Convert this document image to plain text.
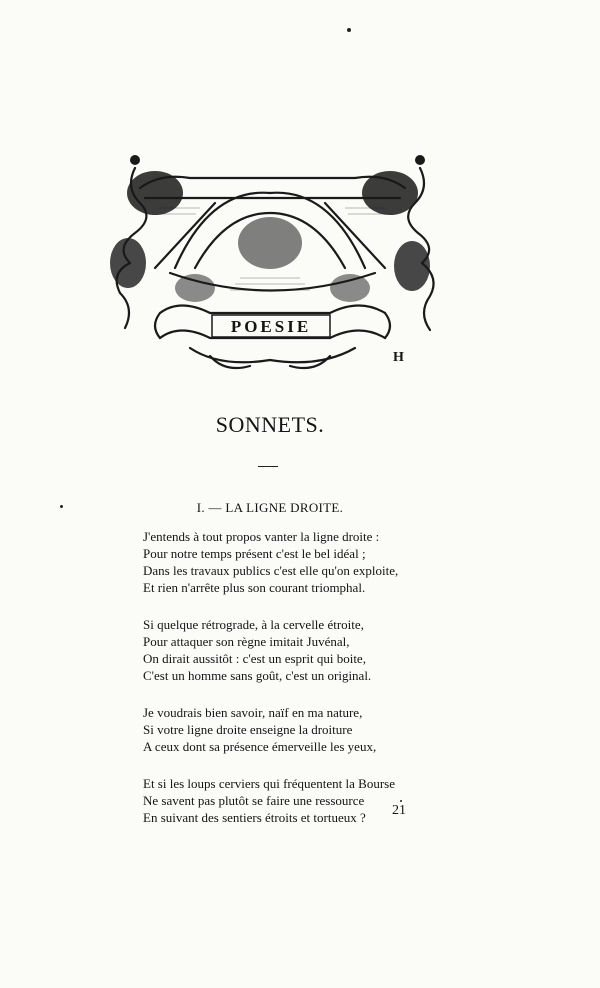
POESIE
H
SONNETS.
I. — LA LIGNE DROITE.
J'entends à tout propos vanter la ligne droite :
Pour notre temps présent c'est le bel idéal ;
Dans les travaux publics c'est elle qu'on exploite,
Et rien n'arrête plus son courant triomphal.
Si quelque rétrograde, à la cervelle étroite,
Pour attaquer son règne imitait Juvénal,
On dirait aussitôt : c'est un esprit qui boite,
C'est un homme sans goût, c'est un original.
Je voudrais bien savoir, naïf en ma nature,
Si votre ligne droite enseigne la droiture
A ceux dont sa présence émerveille les yeux,
Et si les loups cerviers qui fréquentent la Bourse
Ne savent pas plutôt se faire une ressource
En suivant des sentiers étroits et tortueux ?	21
